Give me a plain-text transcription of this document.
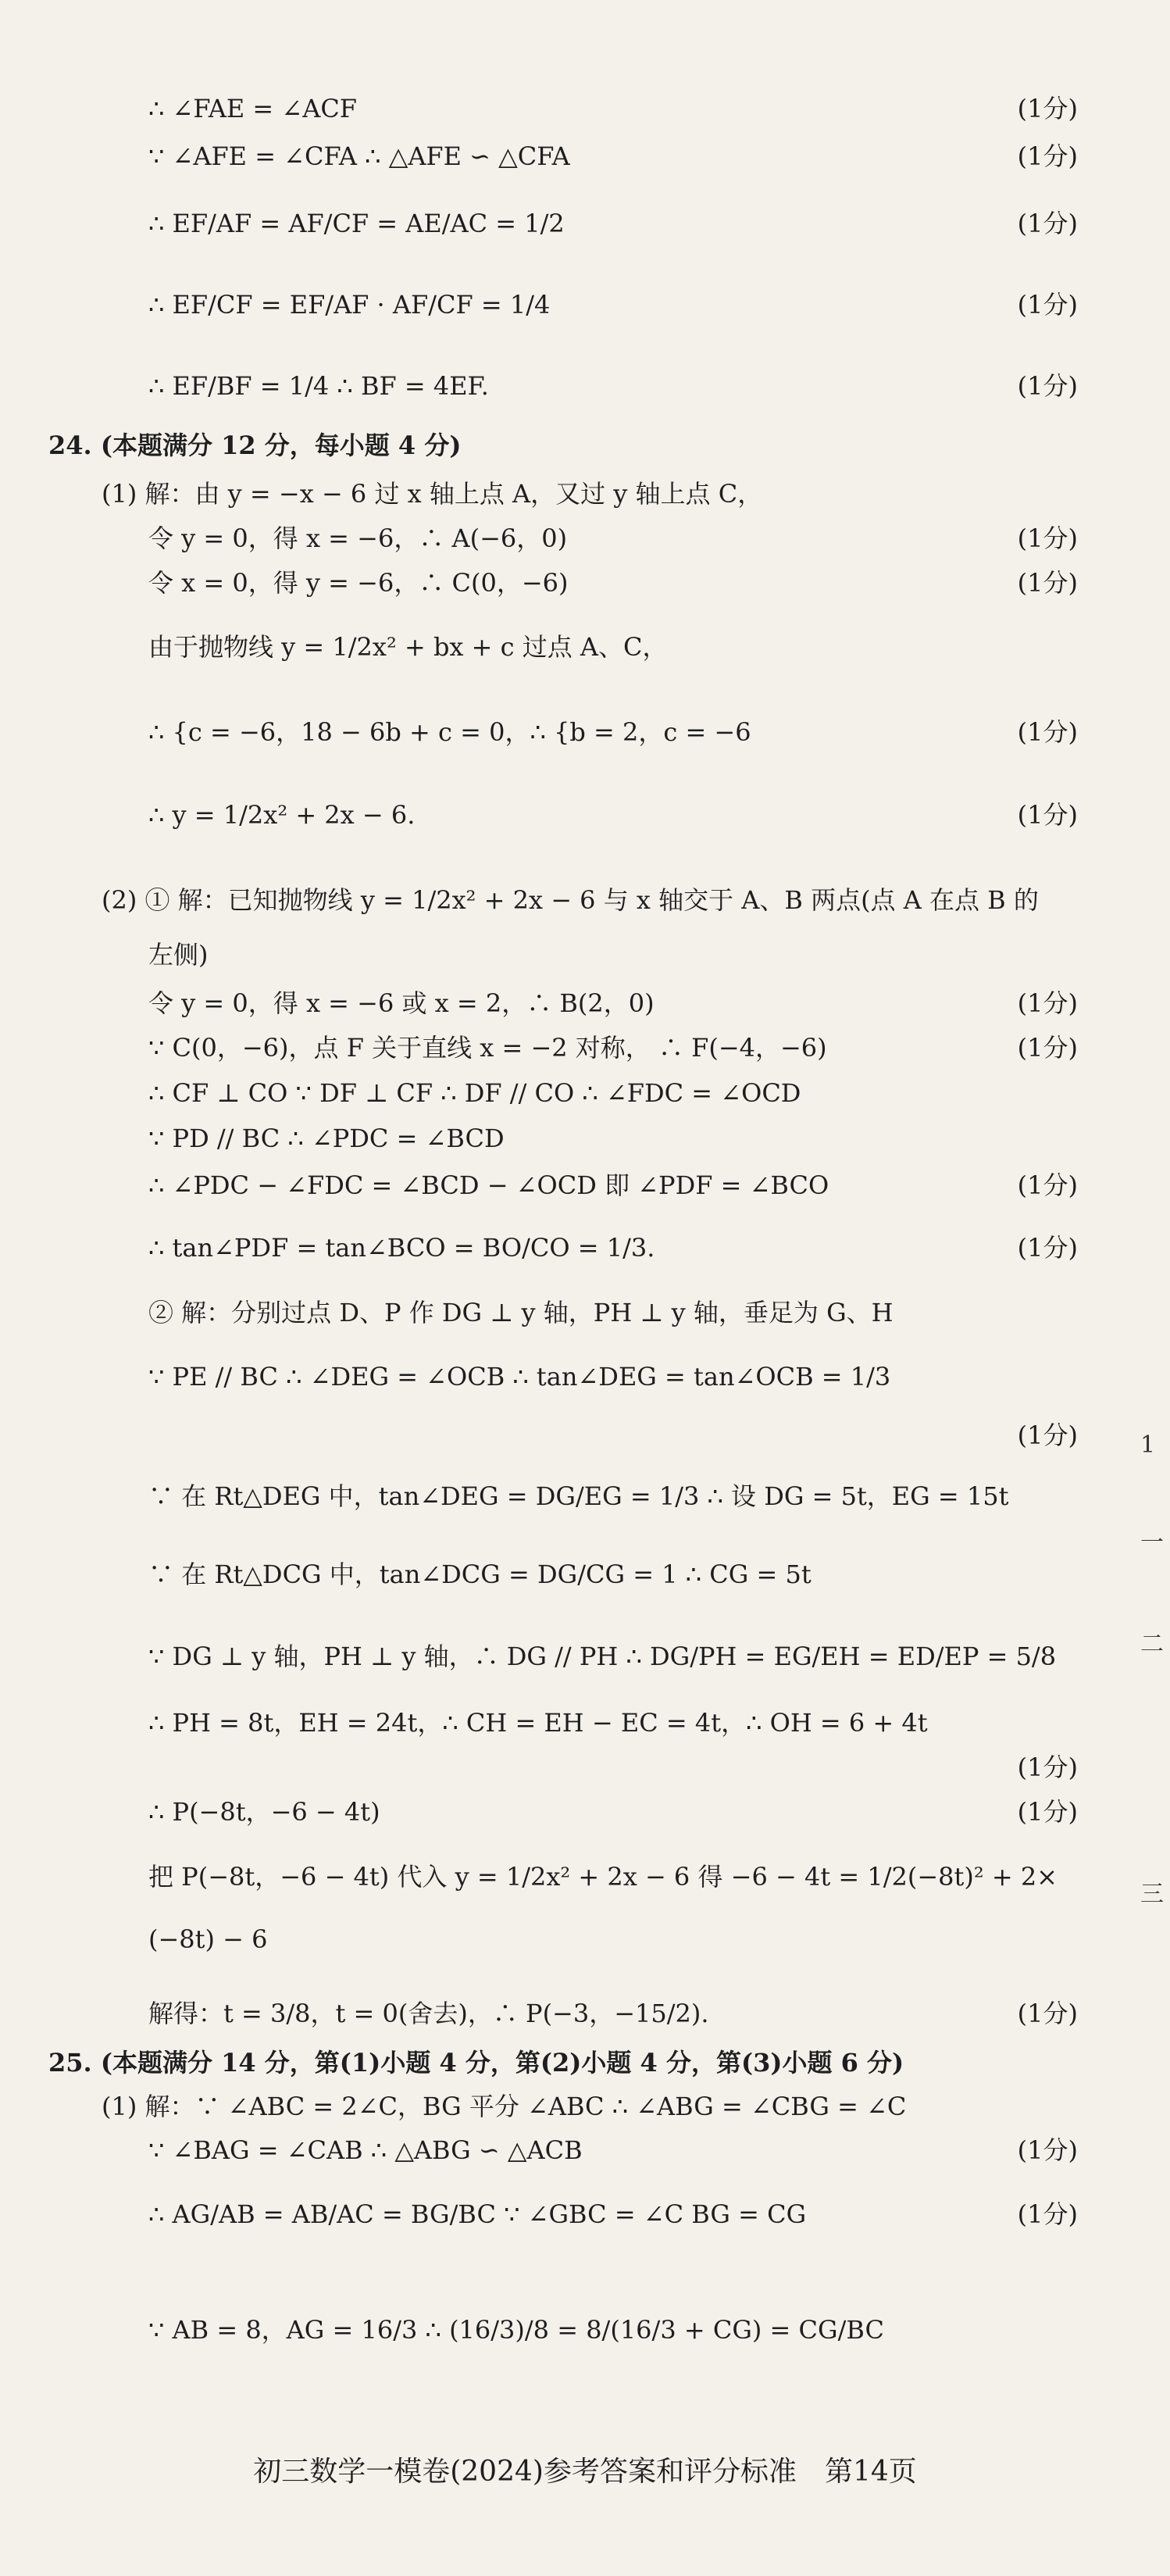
∴ ∠FAE = ∠ACF	(1分)
∵ ∠AFE = ∠CFA ∴ △AFE ∽ △CFA	(1分)
∴ EF/AF = AF/CF = AE/AC = 1/2	(1分)
∴ EF/CF = EF/AF · AF/CF = 1/4	(1分)
∴ EF/BF = 1/4 ∴ BF = 4EF.	(1分)
24. (本题满分 12 分，每小题 4 分)
(1) 解：由 y = −x − 6 过 x 轴上点 A，又过 y 轴上点 C，
令 y = 0，得 x = −6，∴ A(−6，0)	(1分)
令 x = 0，得 y = −6，∴ C(0，−6)	(1分)
由于抛物线 y = 1/2x² + bx + c 过点 A、C，
∴ {c = −6，18 − 6b + c = 0，∴ {b = 2，c = −6	(1分)
∴ y = 1/2x² + 2x − 6.	(1分)
(2) ① 解：已知抛物线 y = 1/2x² + 2x − 6 与 x 轴交于 A、B 两点(点 A 在点 B 的
左侧)
令 y = 0，得 x = −6 或 x = 2，∴ B(2，0)	(1分)
∵ C(0，−6)，点 F 关于直线 x = −2 对称， ∴ F(−4，−6)	(1分)
∴ CF ⊥ CO ∵ DF ⊥ CF ∴ DF // CO ∴ ∠FDC = ∠OCD
∵ PD // BC ∴ ∠PDC = ∠BCD
∴ ∠PDC − ∠FDC = ∠BCD − ∠OCD 即 ∠PDF = ∠BCO	(1分)
∴ tan∠PDF = tan∠BCO = BO/CO = 1/3.	(1分)
② 解：分别过点 D、P 作 DG ⊥ y 轴，PH ⊥ y 轴，垂足为 G、H
∵ PE // BC ∴ ∠DEG = ∠OCB ∴ tan∠DEG = tan∠OCB = 1/3
(1分)
∵ 在 Rt△DEG 中，tan∠DEG = DG/EG = 1/3 ∴ 设 DG = 5t，EG = 15t
∵ 在 Rt△DCG 中，tan∠DCG = DG/CG = 1 ∴ CG = 5t
∵ DG ⊥ y 轴，PH ⊥ y 轴，∴ DG // PH ∴ DG/PH = EG/EH = ED/EP = 5/8
∴ PH = 8t，EH = 24t，∴ CH = EH − EC = 4t，∴ OH = 6 + 4t
(1分)
∴ P(−8t，−6 − 4t)	(1分)
把 P(−8t，−6 − 4t) 代入 y = 1/2x² + 2x − 6 得 −6 − 4t = 1/2(−8t)² + 2×
(−8t) − 6
解得：t = 3/8，t = 0(舍去)，∴ P(−3，−15/2).	(1分)
25. (本题满分 14 分，第(1)小题 4 分，第(2)小题 4 分，第(3)小题 6 分)
(1) 解：∵ ∠ABC = 2∠C，BG 平分 ∠ABC ∴ ∠ABG = ∠CBG = ∠C
∵ ∠BAG = ∠CAB ∴ △ABG ∽ △ACB	(1分)
∴ AG/AB = AB/AC = BG/BC ∵ ∠GBC = ∠C BG = CG	(1分)
∵ AB = 8，AG = 16/3 ∴ (16/3)/8 = 8/(16/3 + CG) = CG/BC
1
一
二
三
初三数学一模卷(2024)参考答案和评分标准　第14页
